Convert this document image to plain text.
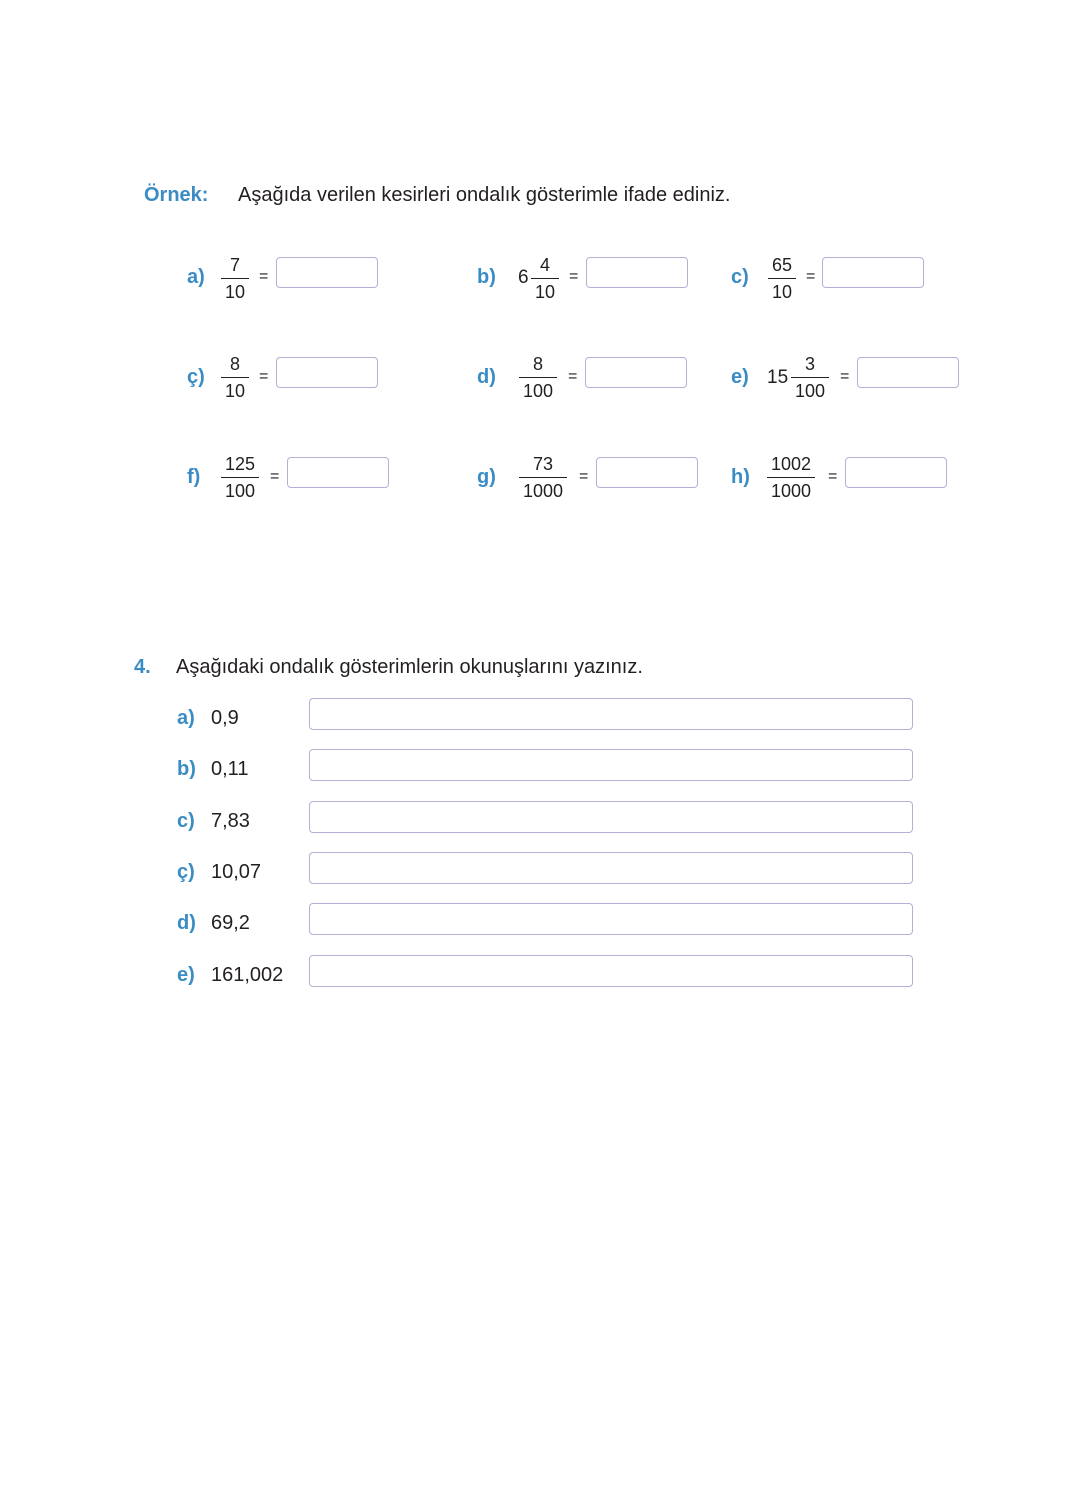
Örnek: Aşağıda verilen kesirleri ondalık gösterimle ifade ediniz.
a)
7
10
=	b) 6
4
10
=	c)
65
10
=
ç)
8
10
=	d)
8
100
=	e) 15
3
100
=
f)
125
100
=	g)
73
1000
=	h)
1002
1000
=
4. Aşağıdaki ondalık gösterimlerin okunuşlarını yazınız.
a) 0,9
b) 0,11
c) 7,83
ç) 10,07
d) 69,2
e) 161,002
